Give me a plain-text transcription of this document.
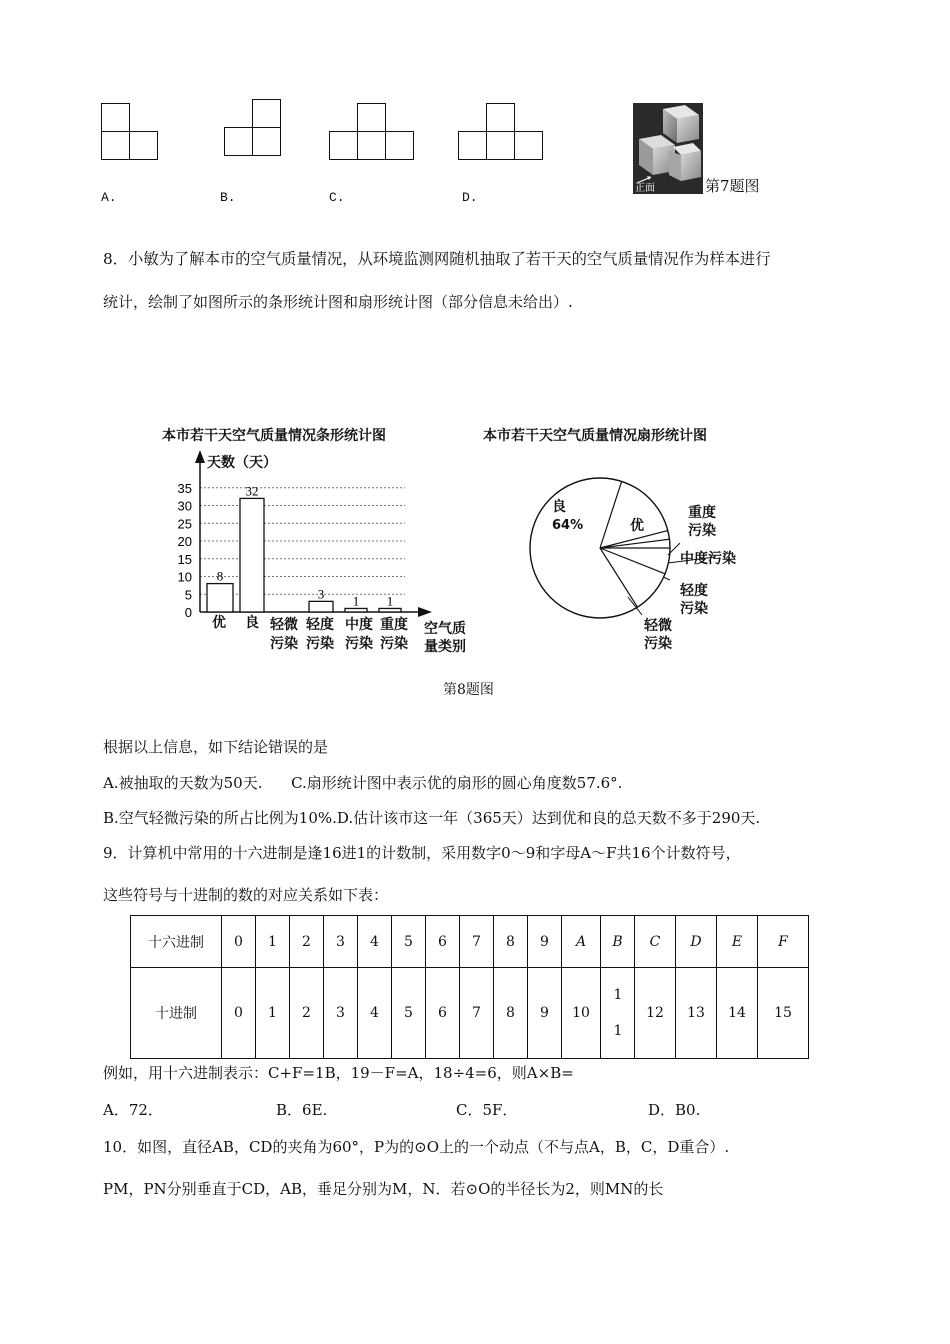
A.	B.	C.	D.
正面	第7题图
8．小敏为了解本市的空气质量情况，从环境监测网随机抽取了若干天的空气质量情况作为样本进行
统计，绘制了如图所示的条形统计图和扇形统计图（部分信息未给出）.
本市若干天空气质量情况条形统计图
8
32
3 1 1
0
5
10
15
20
25
30
35
天数（天）
优 良 轻微
污染
轻度
污染
中度
污染
重度
污染
空气质
量类别
本市若干天空气质量情况扇形统计图
良
64%	优
重度
污染
中度污染
轻度
污染
轻微
污染
第8题图
根据以上信息，如下结论错误的是
A.被抽取的天数为50天.      C.扇形统计图中表示优的扇形的圆心角度数57.6°.
B.空气轻微污染的所占比例为10%.D.估计该市这一年（365天）达到优和良的总天数不多于290天.
9．计算机中常用的十六进制是逢16进1的计数制，采用数字0～9和字母A～F共16个计数符号，
这些符号与十进制的数的对应关系如下表：
十六进制	0	1	2	3	4	5	6	7	8	9	A	B	C	D	E	F
十进制	0	1	2	3	4	5	6	7	8	9	10	11	12	13	14	15
例如，用十六进制表示：C+F=1B，19－F=A，18÷4=6，则A×B=
A．72．	B．6E.	C．5F．	D．B0.
10．如图，直径AB，CD的夹角为60°，P为的⊙O上的一个动点（不与点A，B，C，D重合）.
PM，PN分别垂直于CD，AB，垂足分别为M，N．若⊙O的半径长为2，则MN的长
